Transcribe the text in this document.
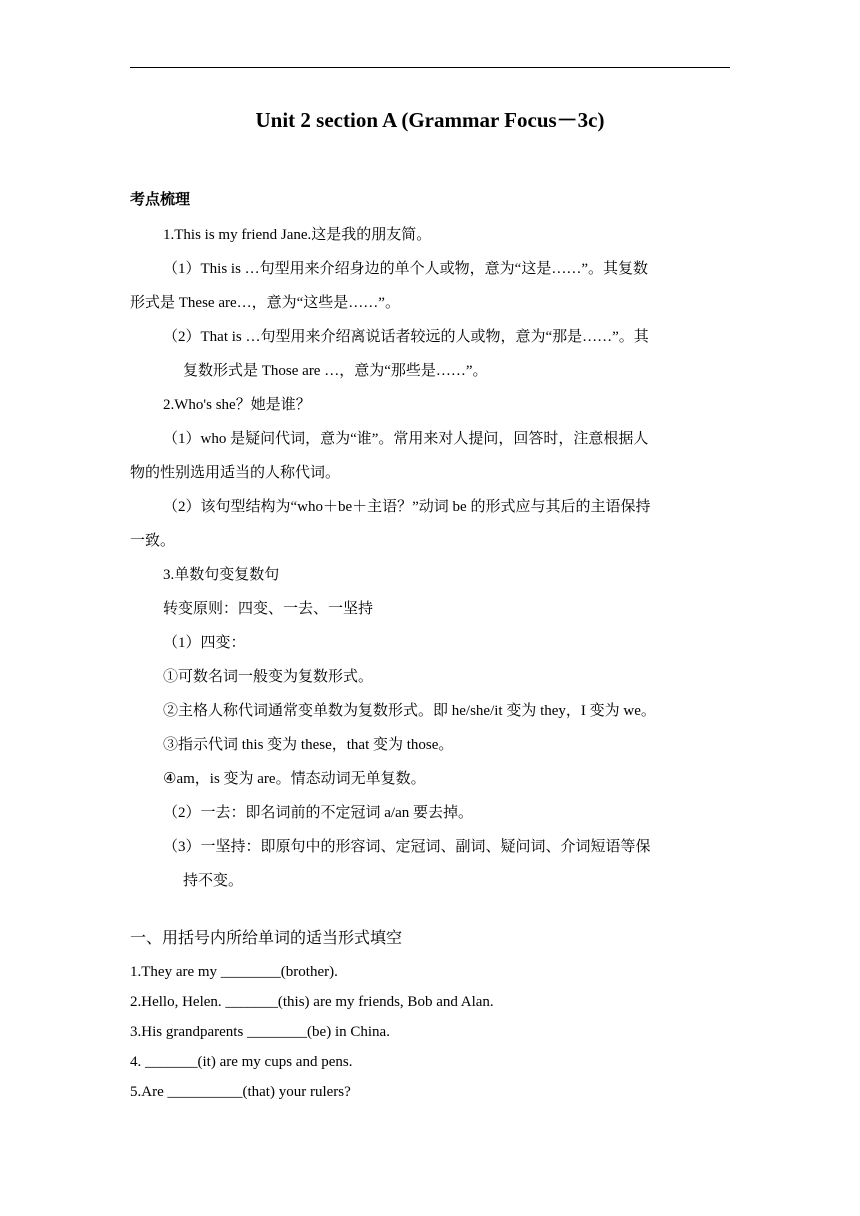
Unit 2 section A (Grammar Focus－3c)
考点梳理
1.This is my friend Jane.这是我的朋友简。
（1）This is …句型用来介绍身边的单个人或物，意为“这是……”。其复数
形式是 These are…，意为“这些是……”。
（2）That is …句型用来介绍离说话者较远的人或物，意为“那是……”。其
复数形式是 Those are …，意为“那些是……”。
2.Who's she？她是谁？
（1）who 是疑问代词，意为“谁”。常用来对人提问，回答时，注意根据人
物的性别选用适当的人称代词。
（2）该句型结构为“who＋be＋主语？”动词 be 的形式应与其后的主语保持
一致。
3.单数句变复数句
转变原则：四变、一去、一坚持
（1）四变：
①可数名词一般变为复数形式。
②主格人称代词通常变单数为复数形式。即 he/she/it 变为 they，I 变为 we。
③指示代词 this 变为 these，that 变为 those。
④am，is 变为 are。情态动词无单复数。
（2）一去：即名词前的不定冠词 a/an 要去掉。
（3）一坚持：即原句中的形容词、定冠词、副词、疑问词、介词短语等保
持不变。
一、用括号内所给单词的适当形式填空
1.They are my ________(brother).
2.Hello, Helen. _______(this) are my friends, Bob and Alan.
3.His grandparents ________(be) in China.
4. _______(it) are my cups and pens.
5.Are __________(that) your rulers?
